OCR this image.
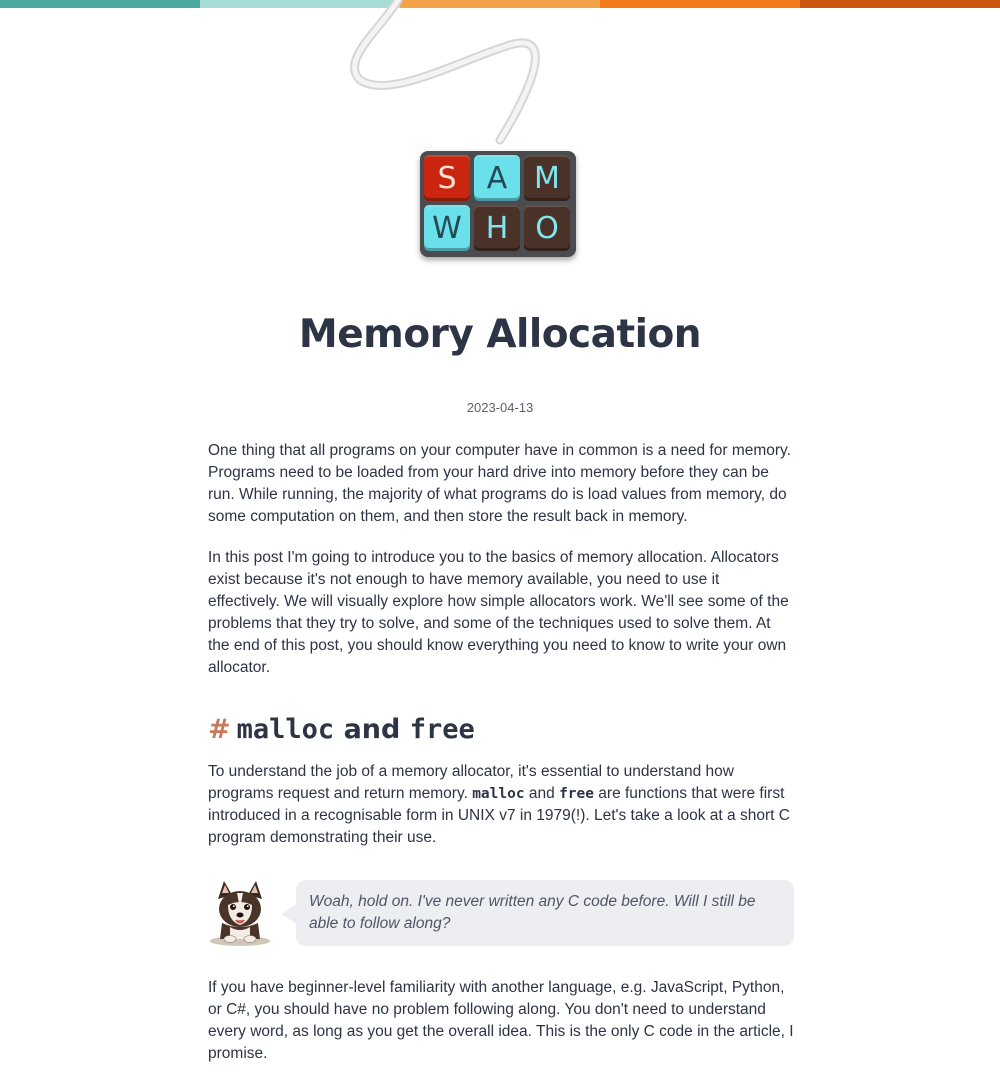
S	A M
W H O
Memory Allocation
2023-04-13

One thing that all programs on your computer have in common is a need for memory. Programs need to be loaded from your hard drive into memory before they can be run. While running, the majority of what programs do is load values from memory, do some computation on them, and then store the result back in memory.

In this post I'm going to introduce you to the basics of memory allocation. Allocators exist because it's not enough to have memory available, you need to use it effectively. We will visually explore how simple allocators work. We'll see some of the problems that they try to solve, and some of the techniques used to solve them. At the end of this post, you should know everything you need to know to write your own allocator.

# malloc and free

To understand the job of a memory allocator, it's essential to understand how programs request and return memory. malloc and free are functions that were first introduced in a recognisable form in UNIX v7 in 1979(!). Let's take a look at a short C program demonstrating their use.

Woah, hold on. I've never written any C code before. Will I still be able to follow along?

If you have beginner-level familiarity with another language, e.g. JavaScript, Python, or C#, you should have no problem following along. You don't need to understand every word, as long as you get the overall idea. This is the only C code in the article, I promise.
